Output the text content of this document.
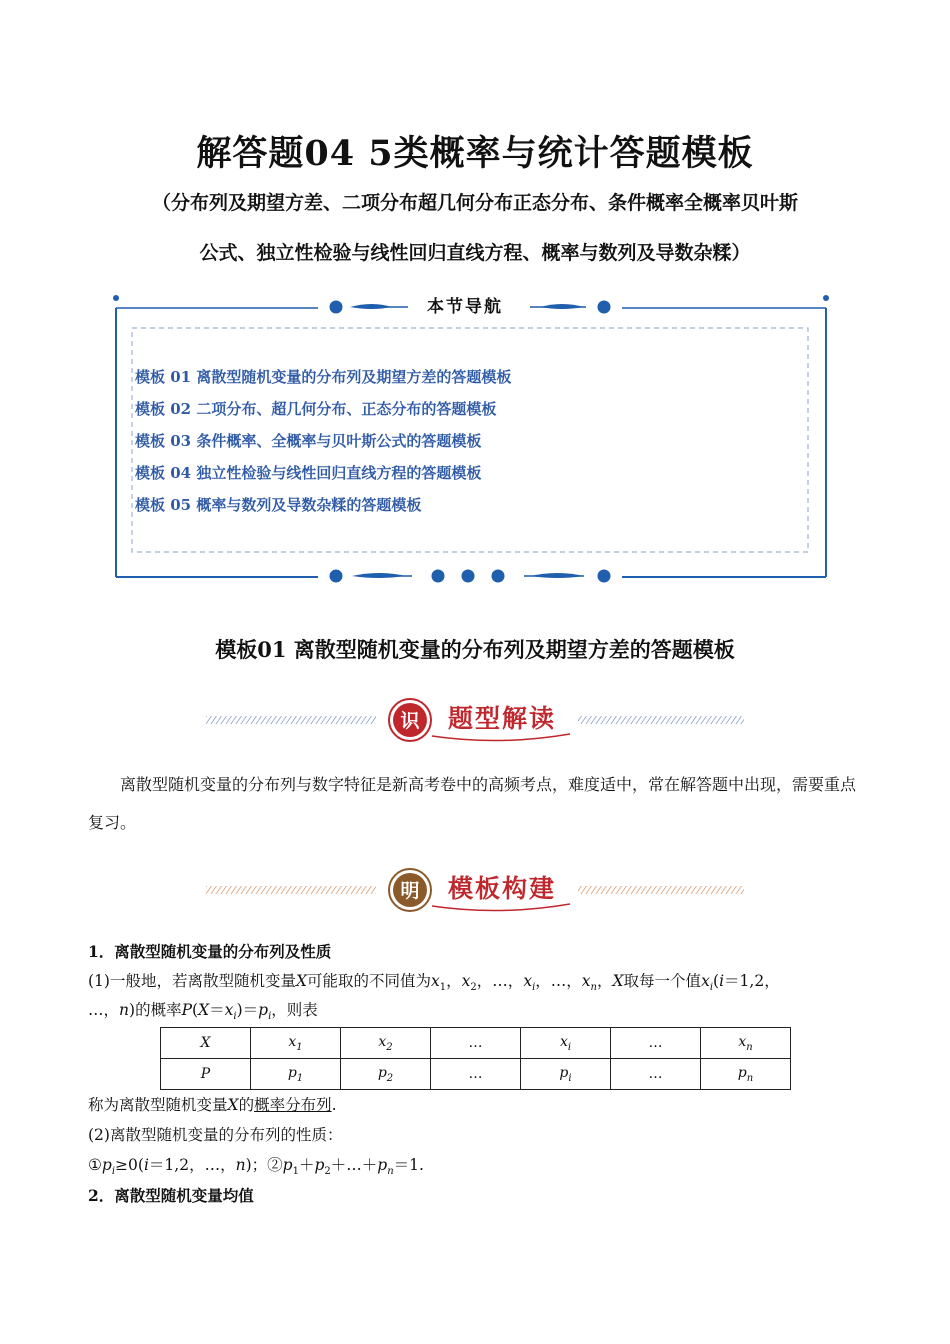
解答题04 5类概率与统计答题模板
（分布列及期望方差、二项分布超几何分布正态分布、条件概率全概率贝叶斯
公式、独立性检验与线性回归直线方程、概率与数列及导数杂糅）
本节导航
模板 01 离散型随机变量的分布列及期望方差的答题模板
模板 02 二项分布、超几何分布、正态分布的答题模板
模板 03 条件概率、全概率与贝叶斯公式的答题模板
模板 04 独立性检验与线性回归直线方程的答题模板
模板 05 概率与数列及导数杂糅的答题模板
模板01 离散型随机变量的分布列及期望方差的答题模板
识 题型解读
离散型随机变量的分布列与数字特征是新高考卷中的高频考点，难度适中，常在解答题中出现，需要重点复习。
明 模板构建
1．离散型随机变量的分布列及性质
(1)一般地，若离散型随机变量X可能取的不同值为$x_1$，$x_2$，…，$x_i$，…，$x_n$，X取每一个值$x_i(i=1,2$，
…，n)的概率$P(X=x_i)=p_i$，则表
X	$x_1$	$x_2$	…	$x_i$	…	$x_n$
P	$p_1$	$p_2$	…	$p_i$	…	$p_n$
称为离散型随机变量X的概率分布列.
(2)离散型随机变量的分布列的性质：
$①p_i\ge 0(i=1,2$，…，n)；$②p_1+p_2+\dots+p_n=1$.
2．离散型随机变量均值
